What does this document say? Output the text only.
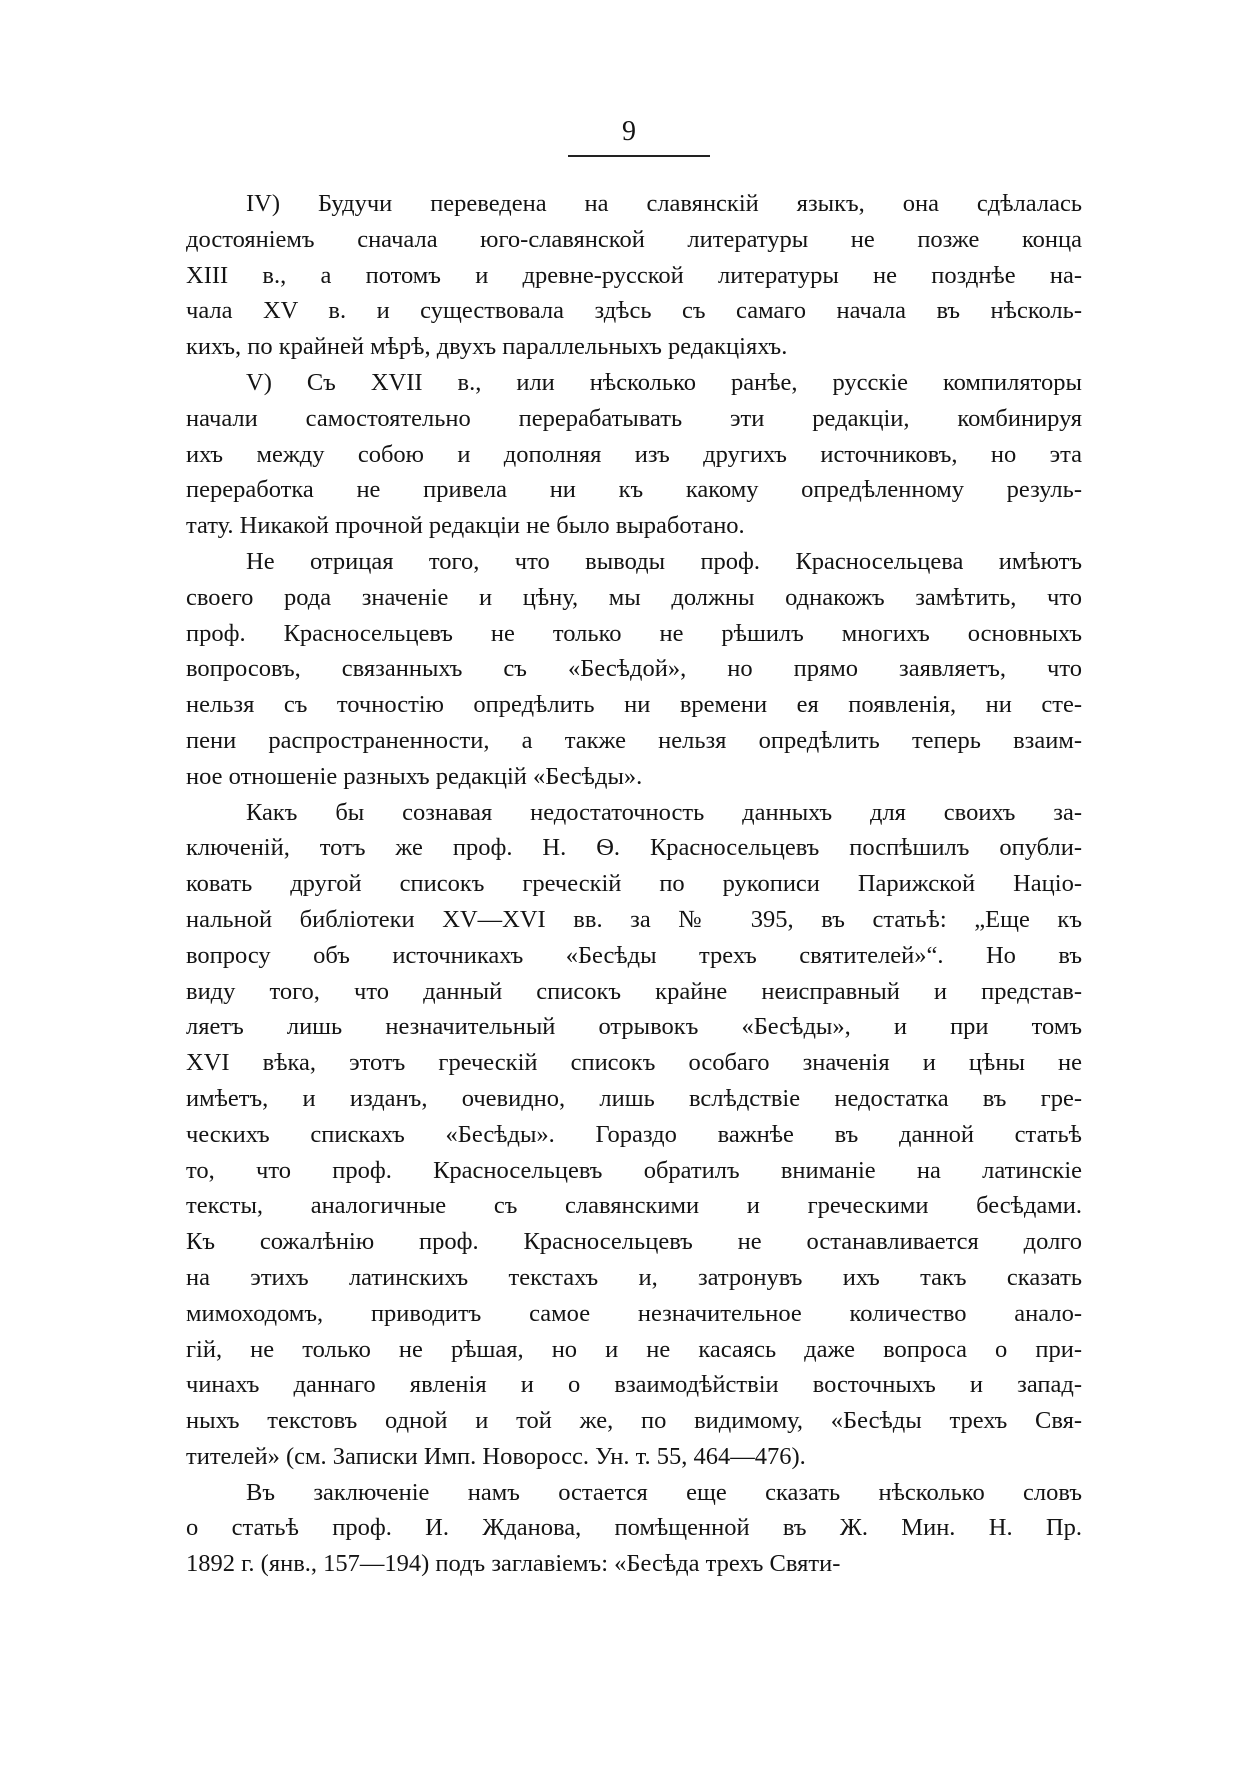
9
IV) Будучи переведена на славянскій языкъ, она сдѣлалась
достояніемъ сначала юго-славянской литературы не позже конца
XIII в., а потомъ и древне-русской литературы не позднѣе на-
чала XV в. и существовала здѣсь съ самаго начала въ нѣсколь-
кихъ, по крайней мѣрѣ, двухъ параллельныхъ редакціяхъ.
V) Съ XVII в., или нѣсколько ранѣе, русскіе компиляторы
начали самостоятельно перерабатывать эти редакціи, комбинируя
ихъ между собою и дополняя изъ другихъ источниковъ, но эта
переработка не привела ни къ какому опредѣленному резуль-
тату. Никакой прочной редакціи не было выработано.
Не отрицая того, что выводы проф. Красносельцева имѣютъ
своего рода значеніе и цѣну, мы должны однакожъ замѣтить, что
проф. Красносельцевъ не только не рѣшилъ многихъ основныхъ
вопросовъ, связанныхъ съ «Бесѣдой», но прямо заявляетъ, что
нельзя съ точностію опредѣлить ни времени ея появленія, ни сте-
пени распространенности, а также нельзя опредѣлить теперь взаим-
ное отношеніе разныхъ редакцій «Бесѣды».
Какъ бы сознавая недостаточность данныхъ для своихъ за-
ключеній, тотъ же проф. Н. Ѳ. Красносельцевъ поспѣшилъ опубли-
ковать другой списокъ греческій по рукописи Парижской Націо-
нальной библіотеки XV—XVI вв. за № 395, въ статьѣ: „Еще къ
вопросу объ источникахъ «Бесѣды трехъ святителей»“. Но въ
виду того, что данный списокъ крайне неисправный и представ-
ляетъ лишь незначительный отрывокъ «Бесѣды», и при томъ
XVI вѣка, этотъ греческій списокъ особаго значенія и цѣны не
имѣетъ, и изданъ, очевидно, лишь вслѣдствіе недостатка въ гре-
ческихъ спискахъ «Бесѣды». Гораздо важнѣе въ данной статьѣ
то, что проф. Красносельцевъ обратилъ вниманіе на латинскіе
тексты, аналогичные съ славянскими и греческими бесѣдами.
Къ сожалѣнію проф. Красносельцевъ не останавливается долго
на этихъ латинскихъ текстахъ и, затронувъ ихъ такъ сказать
мимоходомъ, приводитъ самое незначительное количество анало-
гій, не только не рѣшая, но и не касаясь даже вопроса о при-
чинахъ даннаго явленія и о взаимодѣйствіи восточныхъ и запад-
ныхъ текстовъ одной и той же, по видимому, «Бесѣды трехъ Свя-
тителей» (см. Записки Имп. Новоросс. Ун. т. 55, 464—476).
Въ заключеніе намъ остается еще сказать нѣсколько словъ
о статьѣ проф. И. Жданова, помѣщенной въ Ж. Мин. Н. Пр.
1892 г. (янв., 157—194) подъ заглавіемъ: «Бесѣда трехъ Святи-
